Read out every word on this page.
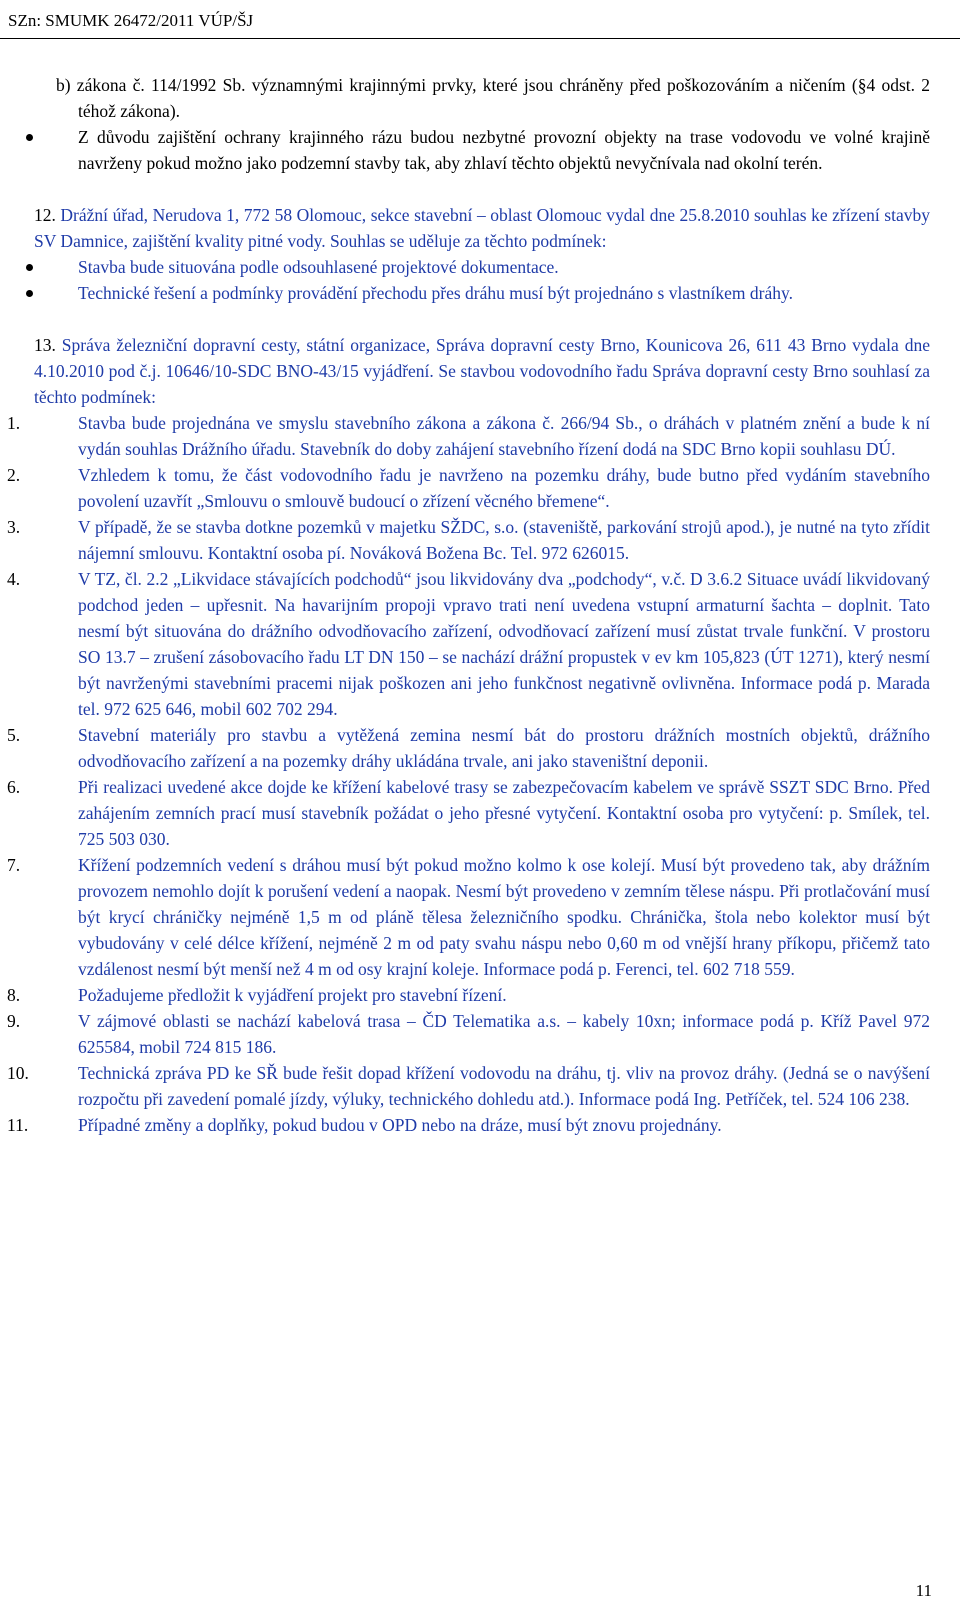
SZn: SMUMK 26472/2011 VÚP/ŠJ

b) zákona č. 114/1992 Sb. významnými krajinnými prvky, které jsou chráněny před poškozováním a ničením (§4 odst. 2 téhož zákona).

Z důvodu zajištění ochrany krajinného rázu budou nezbytné provozní objekty na trase vodovodu ve volné krajině navrženy pokud možno jako podzemní stavby tak, aby zhlaví těchto objektů nevyčnívala nad okolní terén.

12. Drážní úřad, Nerudova 1, 772 58 Olomouc, sekce stavební – oblast Olomouc vydal dne 25.8.2010 souhlas ke zřízení stavby SV Damnice, zajištění kvality pitné vody. Souhlas se uděluje za těchto podmínek:

Stavba bude situována podle odsouhlasené projektové dokumentace.
Technické řešení a podmínky provádění přechodu přes dráhu musí být projednáno s vlastníkem dráhy.

13. Správa železniční dopravní cesty, státní organizace, Správa dopravní cesty Brno, Kounicova 26, 611 43 Brno vydala dne 4.10.2010 pod č.j. 10646/10-SDC BNO-43/15 vyjádření. Se stavbou vodovodního řadu Správa dopravní cesty Brno souhlasí za těchto podmínek:

1.	Stavba bude projednána ve smyslu stavebního zákona a zákona č. 266/94 Sb., o dráhách v platném znění a bude k ní vydán souhlas Drážního úřadu. Stavebník do doby zahájení stavebního řízení dodá na SDC Brno kopii souhlasu DÚ.
2.	Vzhledem k tomu, že část vodovodního řadu je navrženo na pozemku dráhy, bude butno před vydáním stavebního povolení uzavřít „Smlouvu o smlouvě budoucí o zřízení věcného břemene“.
3.	V případě, že se stavba dotkne pozemků v majetku SŽDC, s.o. (staveniště, parkování strojů apod.), je nutné na tyto zřídit nájemní smlouvu. Kontaktní osoba pí. Nováková Božena Bc. Tel. 972 626015.
4.	V TZ, čl. 2.2 „Likvidace stávajících podchodů“ jsou likvidovány dva „podchody“, v.č. D 3.6.2 Situace uvádí likvidovaný podchod jeden – upřesnit. Na havarijním propoji vpravo trati není uvedena vstupní armaturní šachta – doplnit. Tato nesmí být situována do drážního odvodňovacího zařízení, odvodňovací zařízení musí zůstat trvale funkční. V prostoru SO 13.7 – zrušení zásobovacího řadu LT DN 150 – se nachází drážní propustek v ev km 105,823 (ÚT 1271), který nesmí být navrženými stavebními pracemi nijak poškozen ani jeho funkčnost negativně ovlivněna. Informace podá p. Marada tel. 972 625 646, mobil 602 702 294.
5.	Stavební materiály pro stavbu a vytěžená zemina nesmí bát do prostoru drážních mostních objektů, drážního odvodňovacího zařízení a na pozemky dráhy ukládána trvale, ani jako staveništní deponii.
6.	Při realizaci uvedené akce dojde ke křížení kabelové trasy se zabezpečovacím kabelem ve správě SSZT SDC Brno. Před zahájením zemních prací musí stavebník požádat o jeho přesné vytyčení. Kontaktní osoba pro vytyčení: p. Smílek, tel. 725 503 030.
7.	Křížení podzemních vedení s dráhou musí být pokud možno kolmo k ose kolejí. Musí být provedeno tak, aby drážním provozem nemohlo dojít k porušení vedení a naopak. Nesmí být provedeno v zemním tělese náspu. Při protlačování musí být krycí chráničky nejméně 1,5 m od pláně tělesa železničního spodku. Chránička, štola nebo kolektor musí být vybudovány v celé délce křížení, nejméně 2 m od paty svahu náspu nebo 0,60 m od vnější hrany příkopu, přičemž tato vzdálenost nesmí být menší než 4 m od osy krajní koleje. Informace podá p. Ferenci, tel. 602 718 559.
8.	Požadujeme předložit k vyjádření projekt pro stavební řízení.
9.	V zájmové oblasti se nachází kabelová trasa – ČD Telematika a.s. – kabely 10xn; informace podá p. Kříž Pavel 972 625584, mobil 724 815 186.
10.	Technická zpráva PD ke SŘ bude řešit dopad křížení vodovodu na dráhu, tj. vliv na provoz dráhy. (Jedná se o navýšení rozpočtu při zavedení pomalé jízdy, výluky, technického dohledu atd.). Informace podá Ing. Petříček, tel. 524 106 238.
11.	Případné změny a doplňky, pokud budou v OPD nebo na dráze, musí být znovu projednány.
11
